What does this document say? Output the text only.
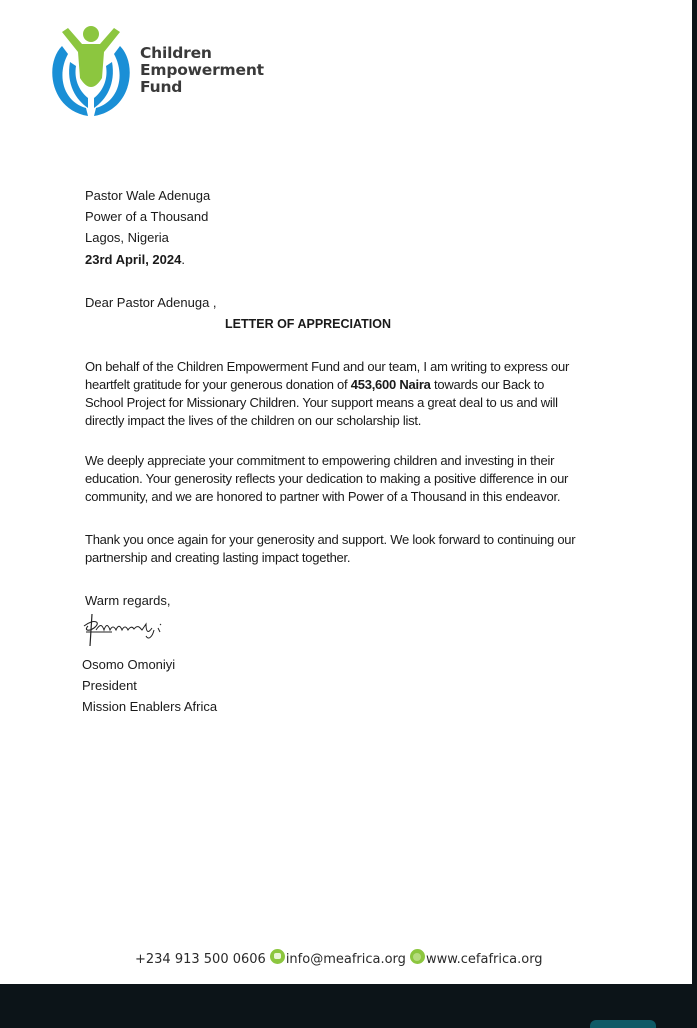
Children
Empowerment
Fund
Pastor Wale Adenuga
Power of a Thousand
Lagos, Nigeria
23rd April, 2024.
Dear Pastor Adenuga ,
LETTER OF APPRECIATION
On behalf of the Children Empowerment Fund and our team, I am writing to express our
heartfelt gratitude for your generous donation of 453,600 Naira towards our Back to
School Project for Missionary Children. Your support means a great deal to us and will
directly impact the lives of the children on our scholarship list.
We deeply appreciate your commitment to empowering children and investing in their
education. Your generosity reflects your dedication to making a positive difference in our
community, and we are honored to partner with Power of a Thousand in this endeavor.
Thank you once again for your generosity and support. We look forward to continuing our
partnership and creating lasting impact together.
Warm regards,
Osomo Omoniyi
President
Mission Enablers Africa
+234 913 500 0606 info@meafrica.org www.cefafrica.org
